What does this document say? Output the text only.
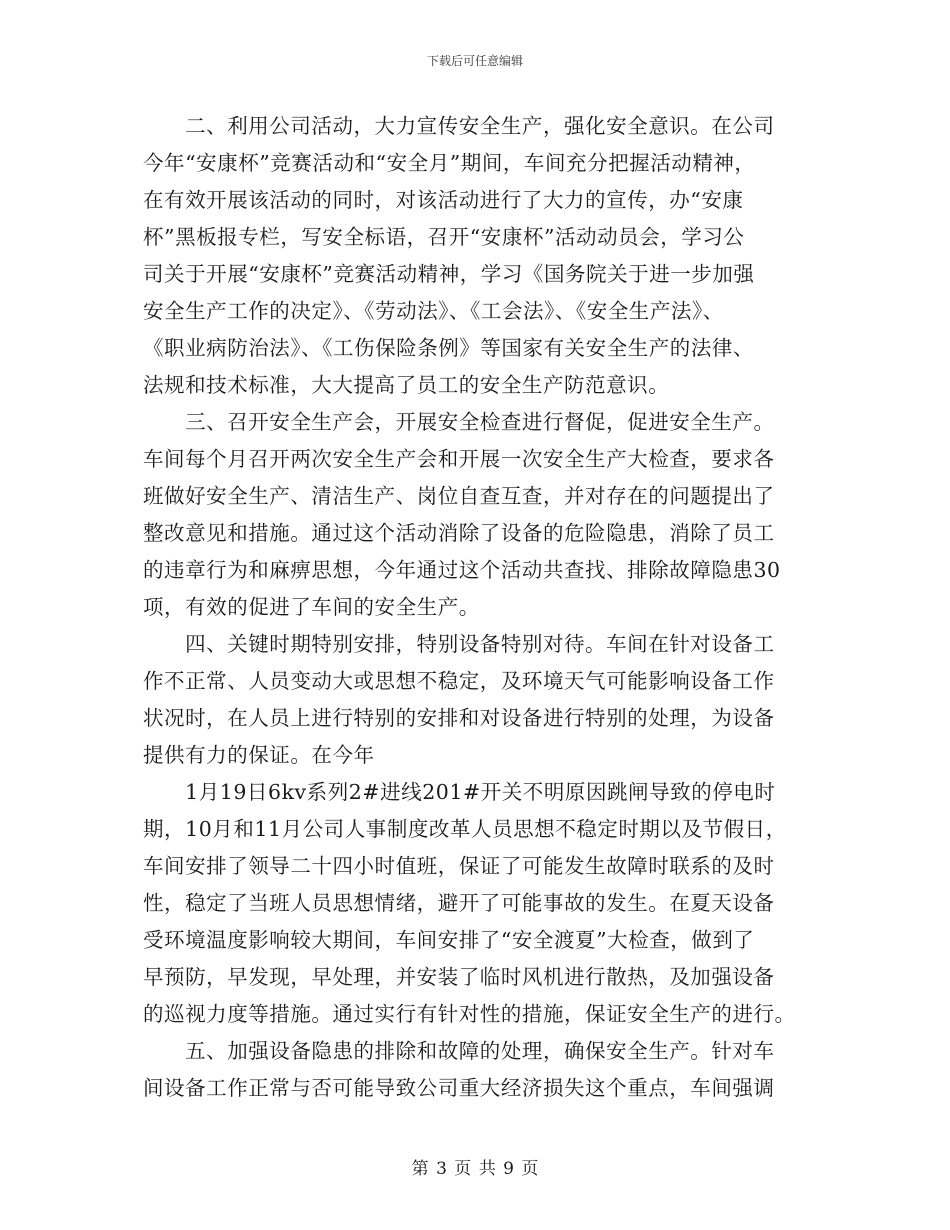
下载后可任意编辑
　　二、利用公司活动，大力宣传安全生产，强化安全意识。在公司
今年“安康杯”竞赛活动和“安全月”期间，车间充分把握活动精神，
在有效开展该活动的同时，对该活动进行了大力的宣传，办“安康
杯”黑板报专栏，写安全标语，召开“安康杯”活动动员会，学习公
司关于开展“安康杯”竞赛活动精神，学习《国务院关于进一步加强
安全生产工作的决定》、《劳动法》、《工会法》、《安全生产法》、
《职业病防治法》、《工伤保险条例》等国家有关安全生产的法律、
法规和技术标准，大大提高了员工的安全生产防范意识。
　　三、召开安全生产会，开展安全检查进行督促，促进安全生产。
车间每个月召开两次安全生产会和开展一次安全生产大检查，要求各
班做好安全生产、清洁生产、岗位自查互查，并对存在的问题提出了
整改意见和措施。通过这个活动消除了设备的危险隐患，消除了员工
的违章行为和麻痹思想，今年通过这个活动共查找、排除故障隐患30
项，有效的促进了车间的安全生产。
　　四、关键时期特别安排，特别设备特别对待。车间在针对设备工
作不正常、人员变动大或思想不稳定，及环境天气可能影响设备工作
状况时，在人员上进行特别的安排和对设备进行特别的处理，为设备
提供有力的保证。在今年
　　1月19日6kv系列2#进线201#开关不明原因跳闸导致的停电时
期，10月和11月公司人事制度改革人员思想不稳定时期以及节假日，
车间安排了领导二十四小时值班，保证了可能发生故障时联系的及时
性，稳定了当班人员思想情绪，避开了可能事故的发生。在夏天设备
受环境温度影响较大期间，车间安排了“安全渡夏”大检查，做到了
早预防，早发现，早处理，并安装了临时风机进行散热，及加强设备
的巡视力度等措施。通过实行有针对性的措施，保证安全生产的进行。
　　五、加强设备隐患的排除和故障的处理，确保安全生产。针对车
间设备工作正常与否可能导致公司重大经济损失这个重点，车间强调
第 3 页 共 9 页
